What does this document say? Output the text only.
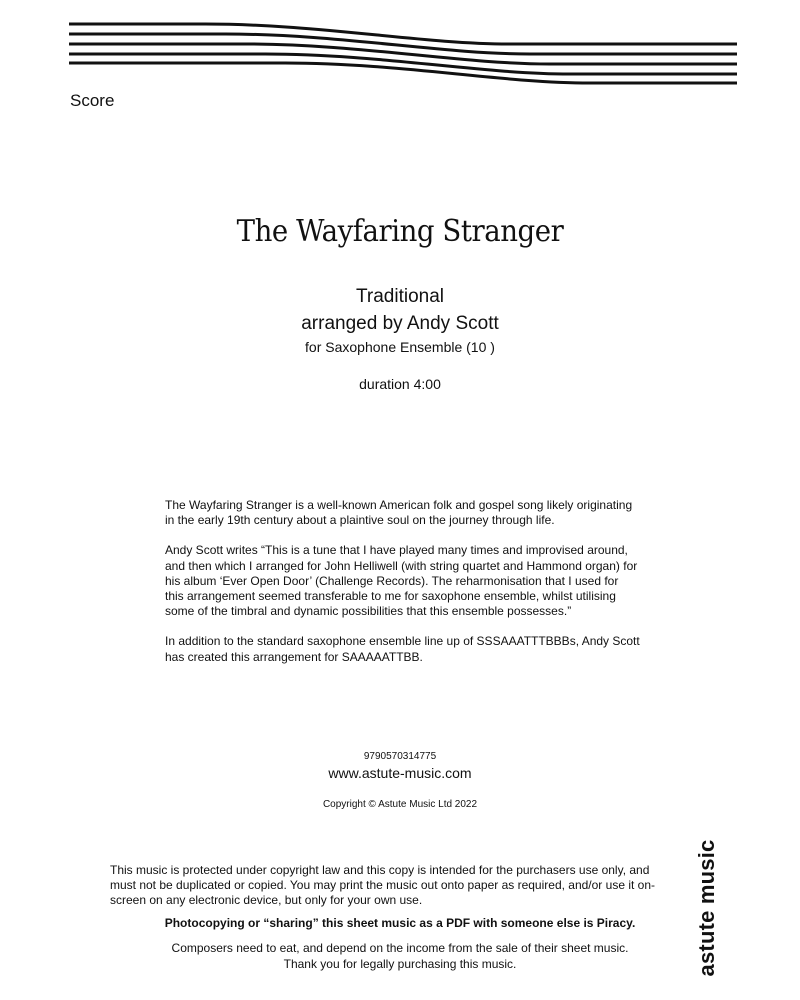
Score
The Wayfaring Stranger
Traditional
arranged by Andy Scott
for Saxophone Ensemble (10 )
duration 4:00

The Wayfaring Stranger is a well-known American folk and gospel song likely originating in the early 19th century about a plaintive soul on the journey through life.

Andy Scott writes “This is a tune that I have played many times and improvised around, and then which I arranged for John Helliwell (with string quartet and Hammond organ) for his album ‘Ever Open Door’ (Challenge Records). The reharmonisation that I used for this arrangement seemed transferable to me for saxophone ensemble, whilst utilising some of the timbral and dynamic possibilities that this ensemble possesses.”

In addition to the standard saxophone ensemble line up of SSSAAATTTBBBs, Andy Scott has created this arrangement for SAAAAATTBB.

9790570314775
www.astute-music.com
Copyright © Astute Music Ltd 2022
This music is protected under copyright law and this copy is intended for the purchasers use only, and must not be duplicated or copied. You may print the music out onto paper as required, and/or use it on-screen on any electronic device, but only for your own use.
Photocopying or “sharing” this sheet music as a PDF with someone else is Piracy.
Composers need to eat, and depend on the income from the sale of their sheet music.
Thank you for legally purchasing this music.	astute music
